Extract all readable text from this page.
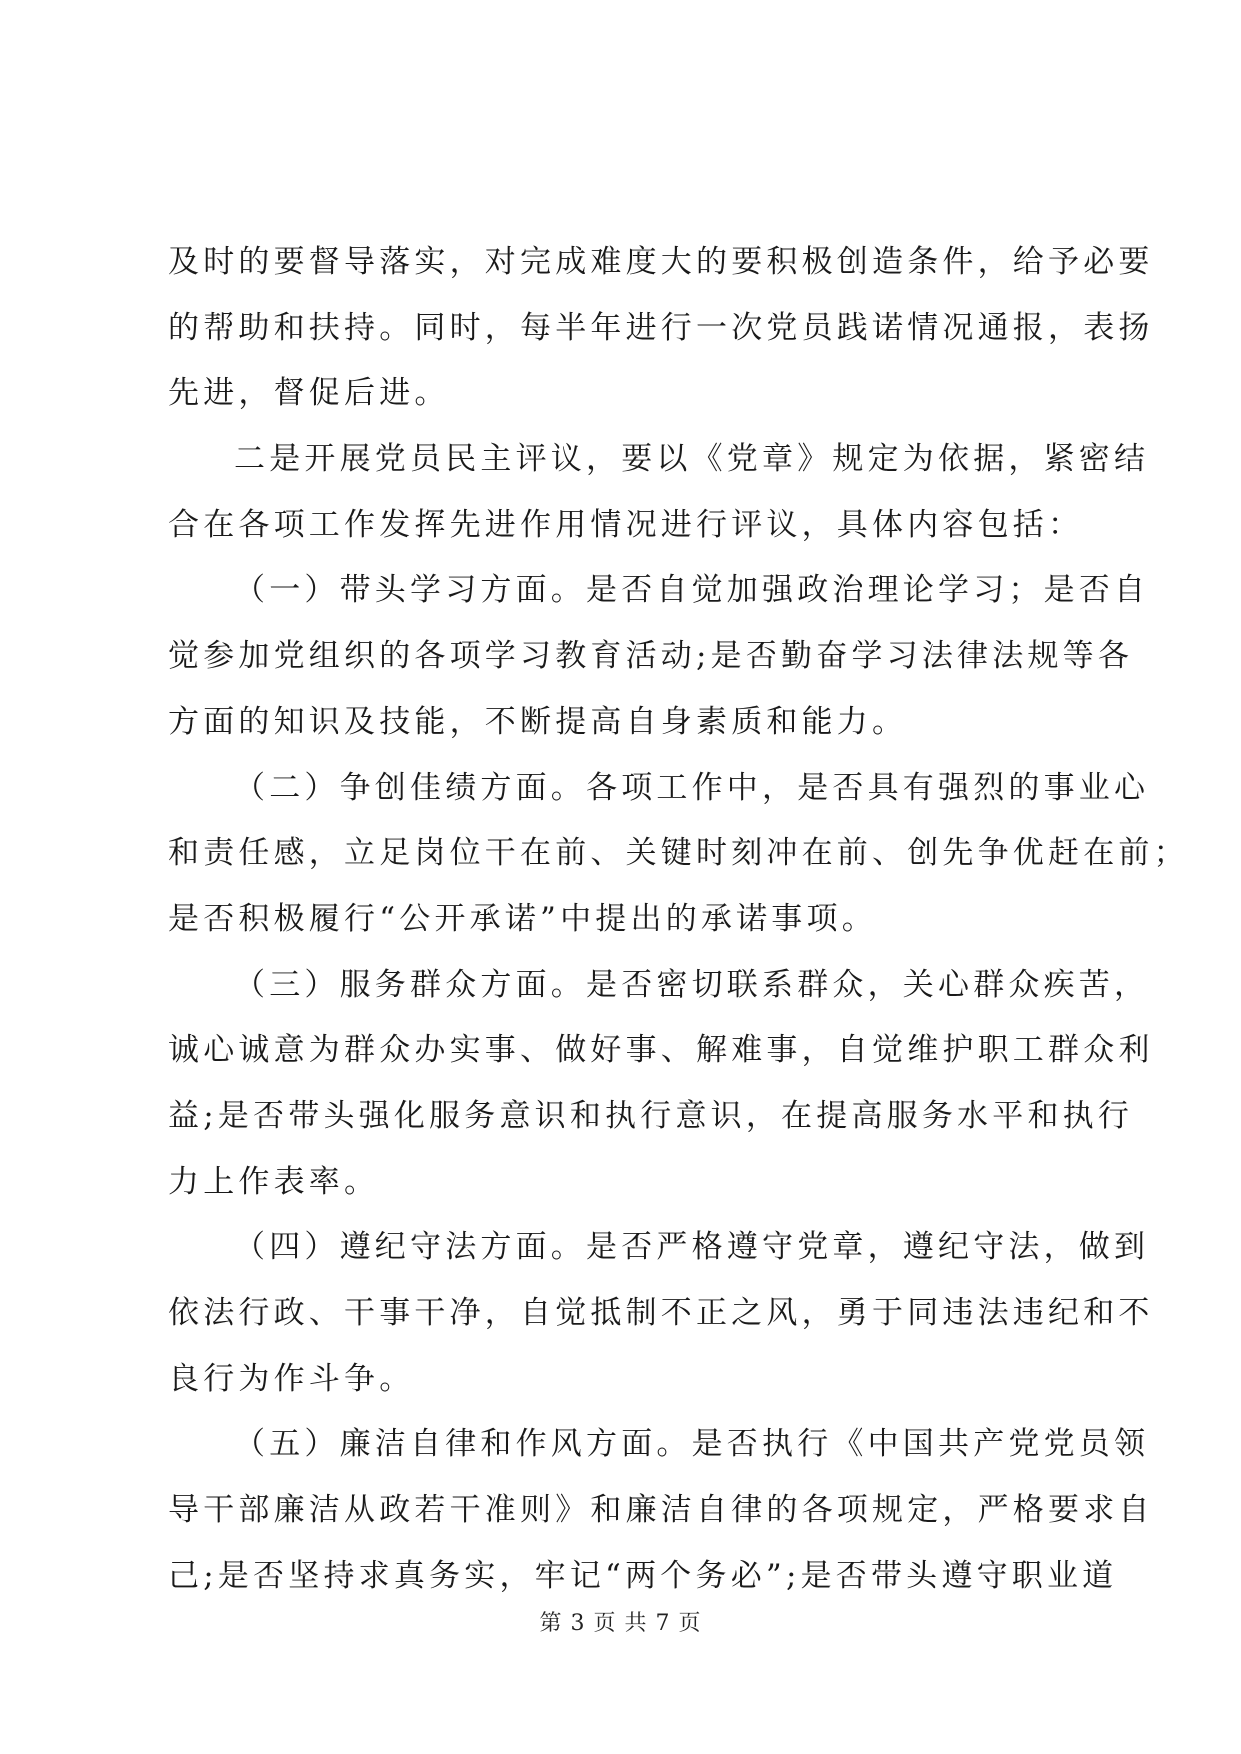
及时的要督导落实，对完成难度大的要积极创造条件，给予必要
的帮助和扶持。同时，每半年进行一次党员践诺情况通报，表扬
先进，督促后进。
二是开展党员民主评议，要以《党章》规定为依据，紧密结
合在各项工作发挥先进作用情况进行评议，具体内容包括：
（一）带头学习方面。是否自觉加强政治理论学习；是否自
觉参加党组织的各项学习教育活动;是否勤奋学习法律法规等各
方面的知识及技能，不断提高自身素质和能力。
（二）争创佳绩方面。各项工作中，是否具有强烈的事业心
和责任感，立足岗位干在前、关键时刻冲在前、创先争优赶在前；
是否积极履行“公开承诺”中提出的承诺事项。
（三）服务群众方面。是否密切联系群众，关心群众疾苦，
诚心诚意为群众办实事、做好事、解难事，自觉维护职工群众利
益;是否带头强化服务意识和执行意识，在提高服务水平和执行
力上作表率。
（四）遵纪守法方面。是否严格遵守党章，遵纪守法，做到
依法行政、干事干净，自觉抵制不正之风，勇于同违法违纪和不
良行为作斗争。
（五）廉洁自律和作风方面。是否执行《中国共产党党员领
导干部廉洁从政若干准则》和廉洁自律的各项规定，严格要求自
己;是否坚持求真务实，牢记“两个务必”;是否带头遵守职业道
第 3 页 共 7 页
